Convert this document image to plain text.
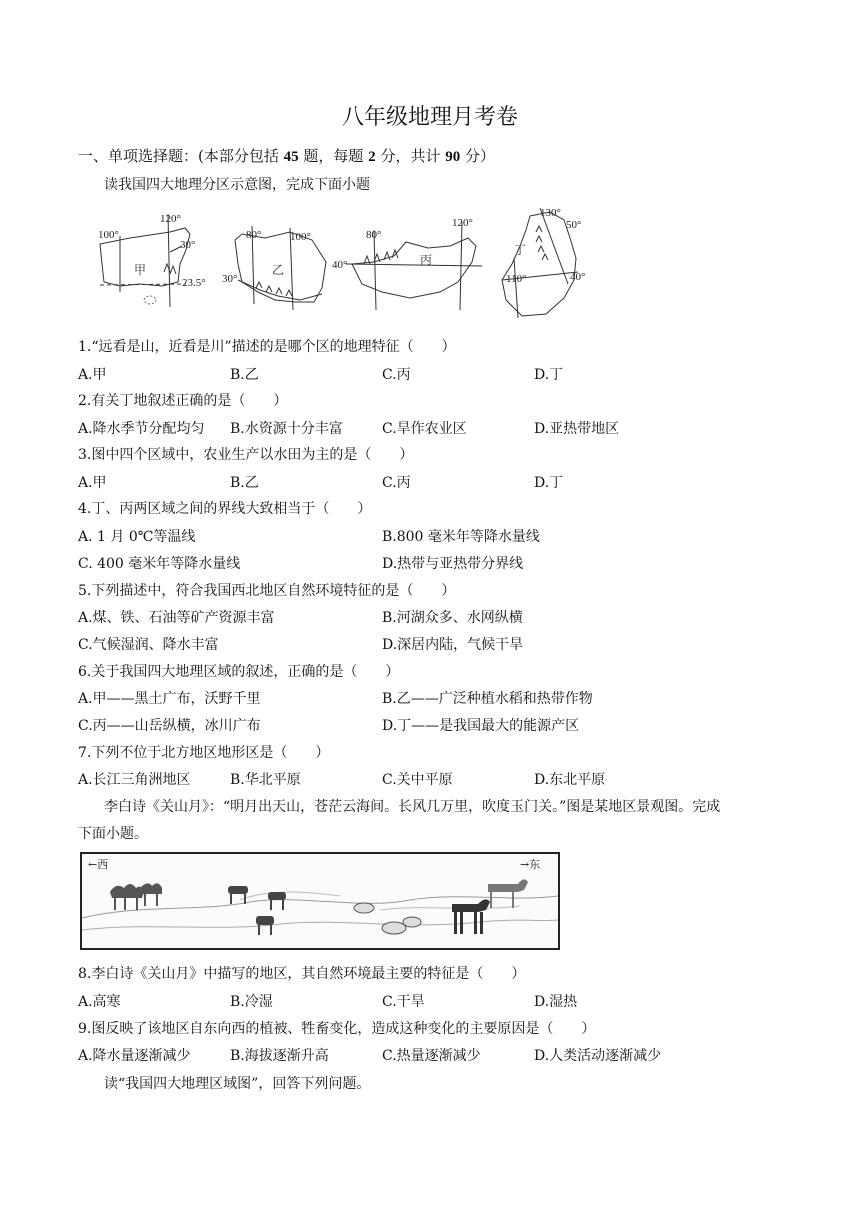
八年级地理月考卷
一、单项选择题：(本部分包括 45 题，每题 2 分，共计 90 分）
读我国四大地理分区示意图，完成下面小题
100°
120°
30°
23.5°
甲
80°	100°
30°
乙
80°
120°
40°	丙
130°
50°
110°	40°
丁
1.“远看是山，近看是川”描述的是哪个区的地理特征（　　）
A.甲	B.乙	C.丙	D.丁
2.有关丁地叙述正确的是（　　）
A.降水季节分配均匀 B.水资源十分丰富	C.旱作农业区	D.亚热带地区
3.图中四个区域中，农业生产以水田为主的是（　　）
A.甲	B.乙	C.丙	D.丁
4.丁、丙两区域之间的界线大致相当于（　　）
A. 1 月 0℃等温线	B.800 毫米年等降水量线
C. 400 毫米年等降水量线	D.热带与亚热带分界线
5.下列描述中，符合我国西北地区自然环境特征的是（　　）
A.煤、铁、石油等矿产资源丰富	B.河湖众多、水网纵横
C.气候湿润、降水丰富	D.深居内陆，气候干旱
6.关于我国四大地理区域的叙述，正确的是（　　）
A.甲——黑土广布，沃野千里	B.乙——广泛种植水稻和热带作物
C.丙——山岳纵横，冰川广布	D.丁——是我国最大的能源产区
7.下列不位于北方地区地形区是（　　）
A.长江三角洲地区	B.华北平原	C.关中平原	D.东北平原
李白诗《关山月》：“明月出天山，苍茫云海间。长风几万里，吹度玉门关。”图是某地区景观图。完成
下面小题。
←西	→东
8.李白诗《关山月》中描写的地区，其自然环境最主要的特征是（　　）
A.高寒	B.冷湿	C.干旱	D.湿热
9.图反映了该地区自东向西的植被、牲畜变化，造成这种变化的主要原因是（　　）
A.降水量逐渐减少	B.海拔逐渐升高	C.热量逐渐减少	D.人类活动逐渐减少
读“我国四大地理区域图”，回答下列问题。
